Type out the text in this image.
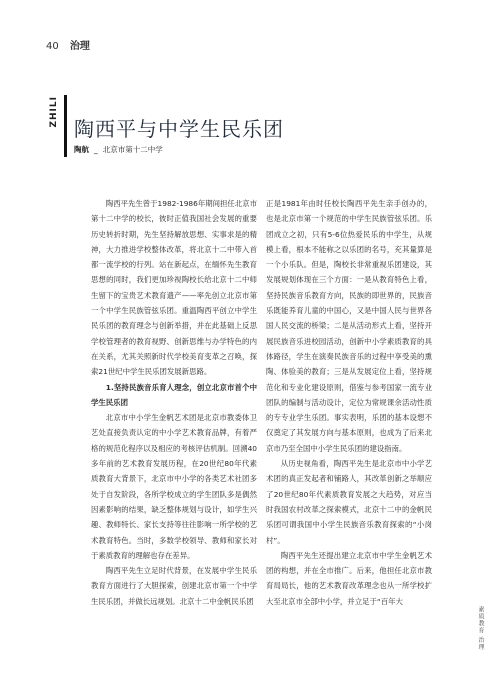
40 治理
ZHILI
陶西平与中学生民乐团
陶航 _ 北京市第十二中学

陶西平先生曾于1982-1986年期间担任北京市第十二中学的校长，彼时正值我国社会发展的重要历史转折时期，先生坚持解放思想、实事求是的精神，大力推进学校整体改革，将北京十二中带入首都一流学校的行列。站在新起点，在缅怀先生教育思想的同时，我们更加珍视陶校长给北京十二中师生留下的宝贵艺术教育遗产——率先创立北京市第一个中学生民族管弦乐团。重温陶西平创立中学生民乐团的教育理念与创新举措，并在此基础上反思学校管理者的教育视野、创新思维与办学特色的内在关系，尤其关照新时代学校美育变革之召唤，探索21世纪中学生民乐团发展新思路。

1.坚持民族音乐育人理念，创立北京市首个中学生民乐团

北京市中小学生金帆艺术团是北京市教委体卫艺处直接负责认定的中小学艺术教育品牌，有着严格的规范化程序以及相应的考核评估机制。回溯40多年前的艺术教育发展历程，在20世纪80年代素质教育大背景下，北京市中小学的各类艺术社团多处于自发阶段，各所学校成立的学生团队多是偶然因素影响的结果，缺乏整体规划与设计，如学生兴趣、教师特长、家长支持等往往影响一所学校的艺术教育特色。当时，多数学校领导、教师和家长对于素质教育的理解也存在差异。

陶西平先生立足时代背景，在发展中学生民乐教育方面进行了大胆探索，创建北京市第一个中学生民乐团，并做长远规划。北京十二中金帆民乐团

正是1981年由时任校长陶西平先生亲手创办的，也是北京市第一个规范的中学生民族管弦乐团。乐团成立之初，只有5-6位热爱民乐的中学生，从规模上看，根本不能称之以乐团的名号，充其量算是一个小乐队。但是，陶校长非常重视乐团建设，其发展规划体现在三个方面：一是从教育特色上看，坚持民族音乐教育方向，民族的即世界的，民族音乐既能养育儿童的中国心，又是中国人民与世界各国人民交流的桥梁；二是从活动形式上看，坚持开展民族音乐进校园活动，创新中小学素质教育的具体路径，学生在演奏民族音乐的过程中享受美的熏陶、体验美的教育；三是从发展定位上看，坚持规范化和专业化建设原则，借鉴与参考国家一流专业团队的编制与活动设计，定位为常规课余活动性质的专专业学生乐团。事实表明，乐团的基本设想不仅奠定了其发展方向与基本原则，也成为了后来北京市乃至全国中小学生民乐团的建设指南。

从历史视角看，陶西平先生是北京市中小学艺术团的真正发起者和铺路人，其改革创新之举顺应了20世纪80年代素质教育发展之大趋势，对应当时我国农村改革之探索模式，北京十二中的金帆民乐团可谓我国中小学生民族音乐教育探索的“小岗村”。

陶西平先生还提出建立北京市中学生金帆艺术团的构想，并在全市推广。后来，他担任北京市教育局局长，他的艺术教育改革理念也从一所学校扩大至北京市全部中小学，并立足于“百年大

素质教育 治理
